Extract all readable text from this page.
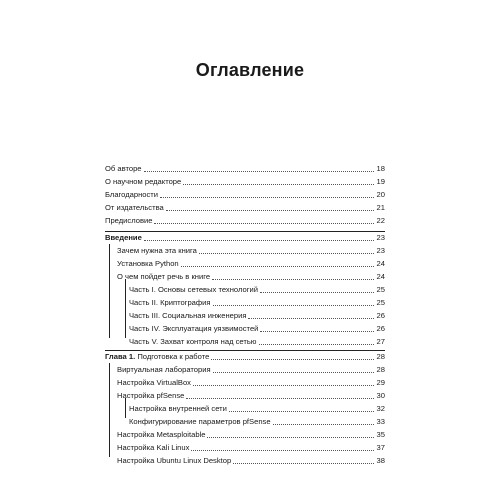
Оглавление
Об авторе	18
О научном редакторе	19
Благодарности	20
От издательства	21
Предисловие	22
Введение	23
Зачем нужна эта книга	23
Установка Python	24
О чем пойдет речь в книге	24
Часть I. Основы сетевых технологий	25
Часть II. Криптография	25
Часть III. Социальная инженерия	26
Часть IV. Эксплуатация уязвимостей	26
Часть V. Захват контроля над сетью	27
Глава 1. Подготовка к работе	28
Виртуальная лаборатория	28
Настройка VirtualBox	29
Настройка pfSense	30
Настройка внутренней сети	32
Конфигурирование параметров pfSense	33
Настройка Metasploitable	35
Настройка Kali Linux	37
Настройка Ubuntu Linux Desktop	38
